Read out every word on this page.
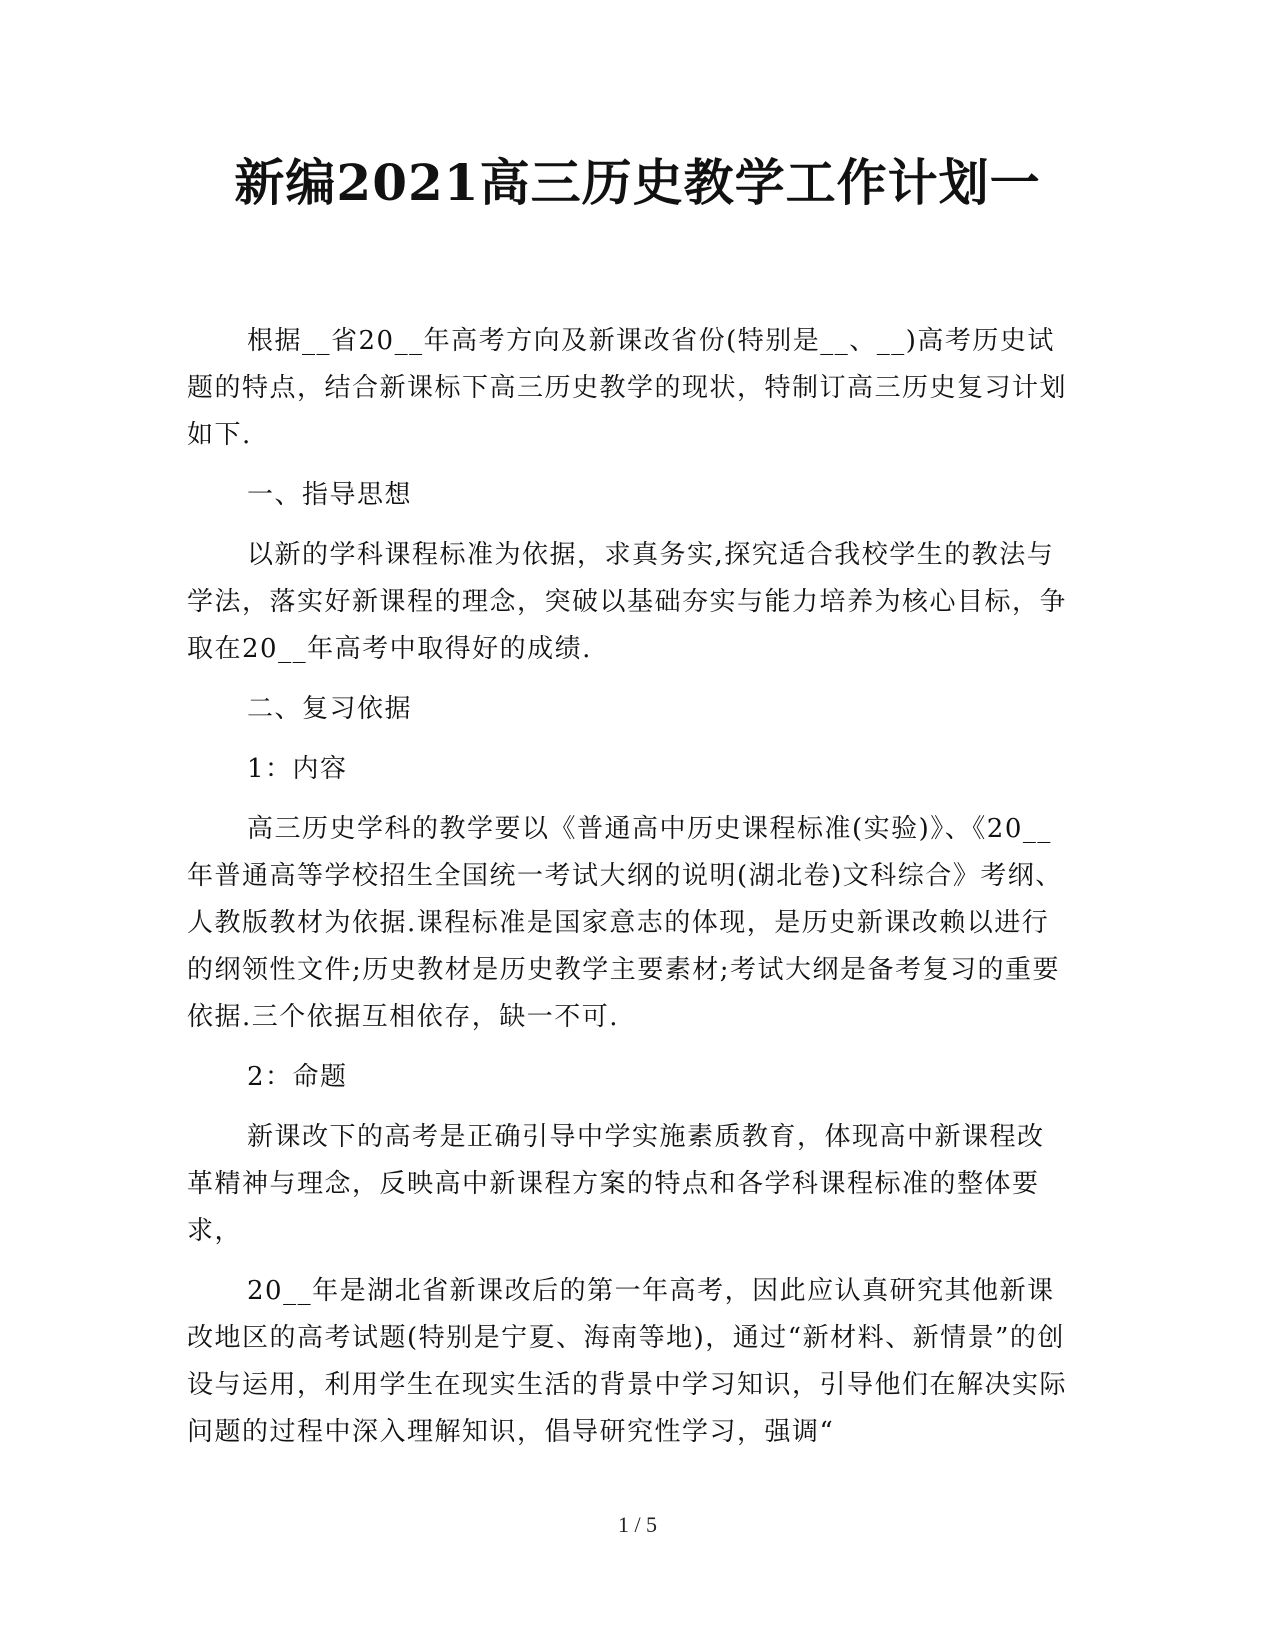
新编2021高三历史教学工作计划一

根据__省20__年高考方向及新课改省份(特别是__、__)高考历史试题的特点，结合新课标下高三历史教学的现状，特制订高三历史复习计划如下.

一、指导思想

以新的学科课程标准为依据，求真务实,探究适合我校学生的教法与学法，落实好新课程的理念，突破以基础夯实与能力培养为核心目标，争取在20__年高考中取得好的成绩.

二、复习依据

1：内容

高三历史学科的教学要以《普通高中历史课程标准(实验)》、《20__年普通高等学校招生全国统一考试大纲的说明(湖北卷)文科综合》考纲、人教版教材为依据.课程标准是国家意志的体现，是历史新课改赖以进行的纲领性文件;历史教材是历史教学主要素材;考试大纲是备考复习的重要依据.三个依据互相依存，缺一不可.

2：命题

新课改下的高考是正确引导中学实施素质教育，体现高中新课程改革精神与理念，反映高中新课程方案的特点和各学科课程标准的整体要求，

20__年是湖北省新课改后的第一年高考，因此应认真研究其他新课改地区的高考试题(特别是宁夏、海南等地)，通过“新材料、新情景”的创设与运用，利用学生在现实生活的背景中学习知识，引导他们在解决实际问题的过程中深入理解知识，倡导研究性学习，强调“

1 / 5
